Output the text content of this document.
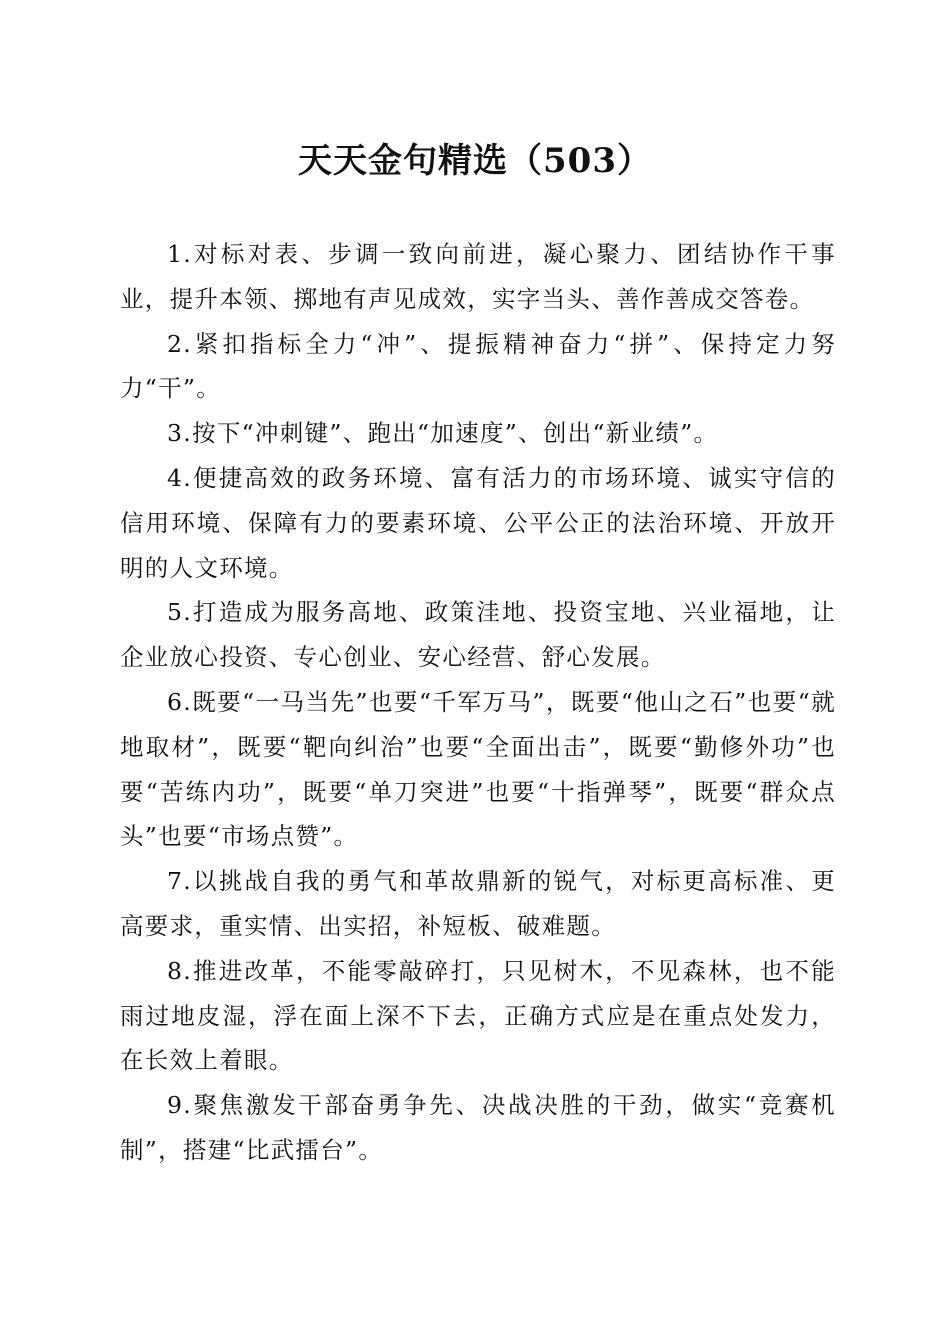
天天金句精选（503）

1.对标对表、步调一致向前进，凝心聚力、团结协作干事业，提升本领、掷地有声见成效，实字当头、善作善成交答卷。

2.紧扣指标全力“冲”、提振精神奋力“拼”、保持定力努力“干”。

3.按下“冲刺键”、跑出“加速度”、创出“新业绩”。

4.便捷高效的政务环境、富有活力的市场环境、诚实守信的信用环境、保障有力的要素环境、公平公正的法治环境、开放开明的人文环境。

5.打造成为服务高地、政策洼地、投资宝地、兴业福地，让企业放心投资、专心创业、安心经营、舒心发展。

6.既要“一马当先”也要“千军万马”，既要“他山之石”也要“就地取材”，既要“靶向纠治”也要“全面出击”，既要“勤修外功”也要“苦练内功”，既要“单刀突进”也要“十指弹琴”，既要“群众点头”也要“市场点赞”。

7.以挑战自我的勇气和革故鼎新的锐气，对标更高标准、更高要求，重实情、出实招，补短板、破难题。

8.推进改革，不能零敲碎打，只见树木，不见森林，也不能雨过地皮湿，浮在面上深不下去，正确方式应是在重点处发力，在长效上着眼。

9.聚焦激发干部奋勇争先、决战决胜的干劲，做实“竞赛机制”，搭建“比武擂台”。
